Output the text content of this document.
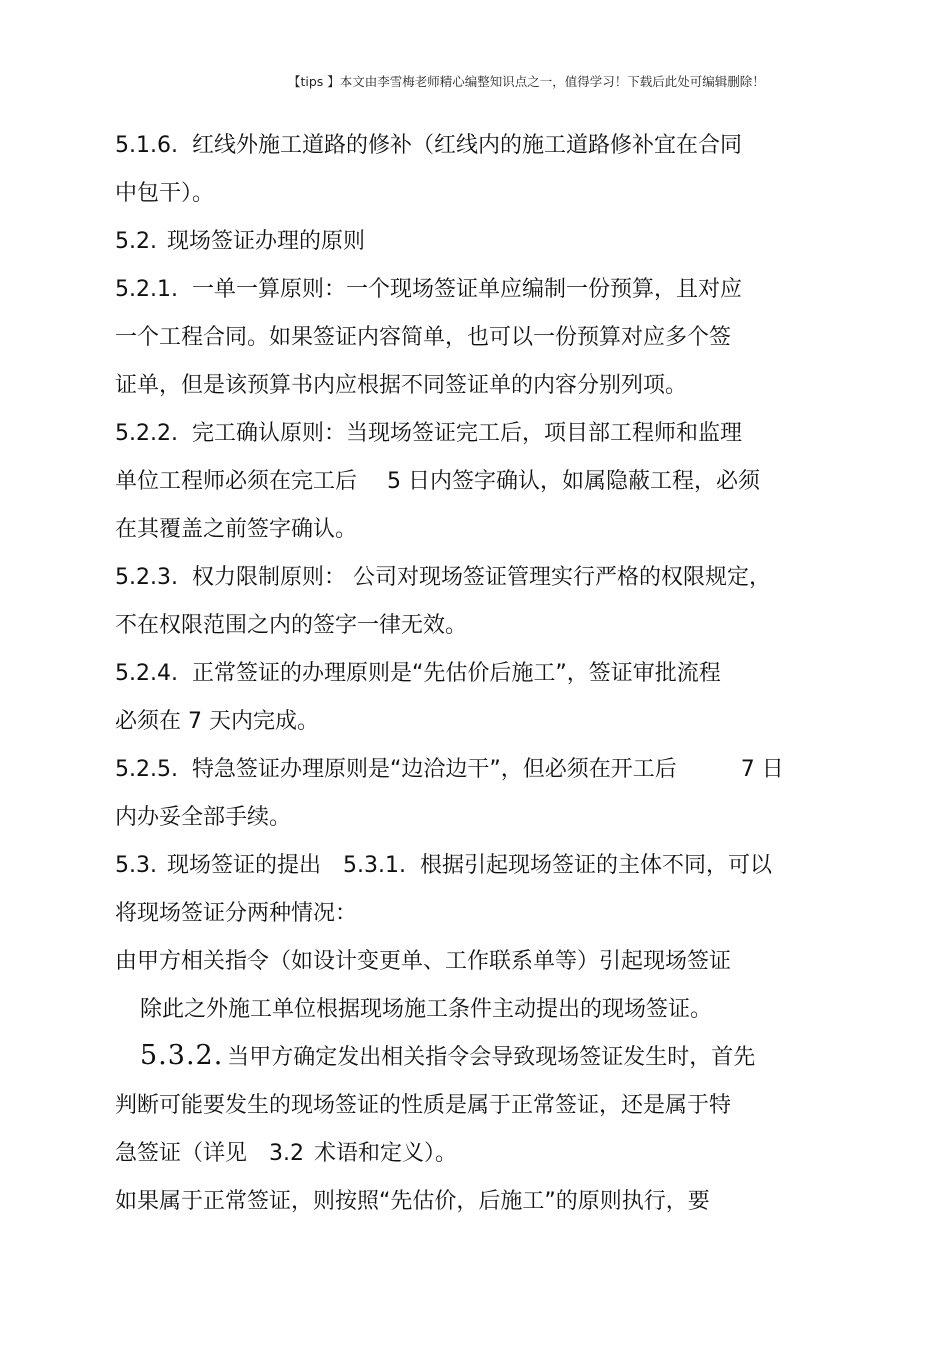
【tips 】本文由李雪梅老师精心编整知识点之一，值得学习！下载后此处可编辑删除！
5.1.6. 红线外施工道路的修补（红线内的施工道路修补宜在合同
中包干）。
5.2. 现场签证办理的原则
5.2.1. 一单一算原则：一个现场签证单应编制一份预算，且对应
一个工程合同。如果签证内容简单，也可以一份预算对应多个签
证单，但是该预算书内应根据不同签证单的内容分别列项。
5.2.2. 完工确认原则：当现场签证完工后，项目部工程师和监理
单位工程师必须在完工后 5 日内签字确认，如属隐蔽工程，必须
在其覆盖之前签字确认。
5.2.3. 权力限制原则： 公司对现场签证管理实行严格的权限规定，
不在权限范围之内的签字一律无效。
5.2.4. 正常签证的办理原则是“先估价后施工”，签证审批流程
必须在 7 天内完成。
5.2.5. 特急签证办理原则是“边洽边干”，但必须在开工后	7 日
内办妥全部手续。
5.3. 现场签证的提出 5.3.1. 根据引起现场签证的主体不同，可以
将现场签证分两种情况：
由甲方相关指令（如设计变更单、工作联系单等）引起现场签证
除此之外施工单位根据现场施工条件主动提出的现场签证。
5.3.2. 当甲方确定发出相关指令会导致现场签证发生时，首先
判断可能要发生的现场签证的性质是属于正常签证，还是属于特
急签证（详见 3.2 术语和定义）。
如果属于正常签证，则按照“先估价，后施工”的原则执行，要
